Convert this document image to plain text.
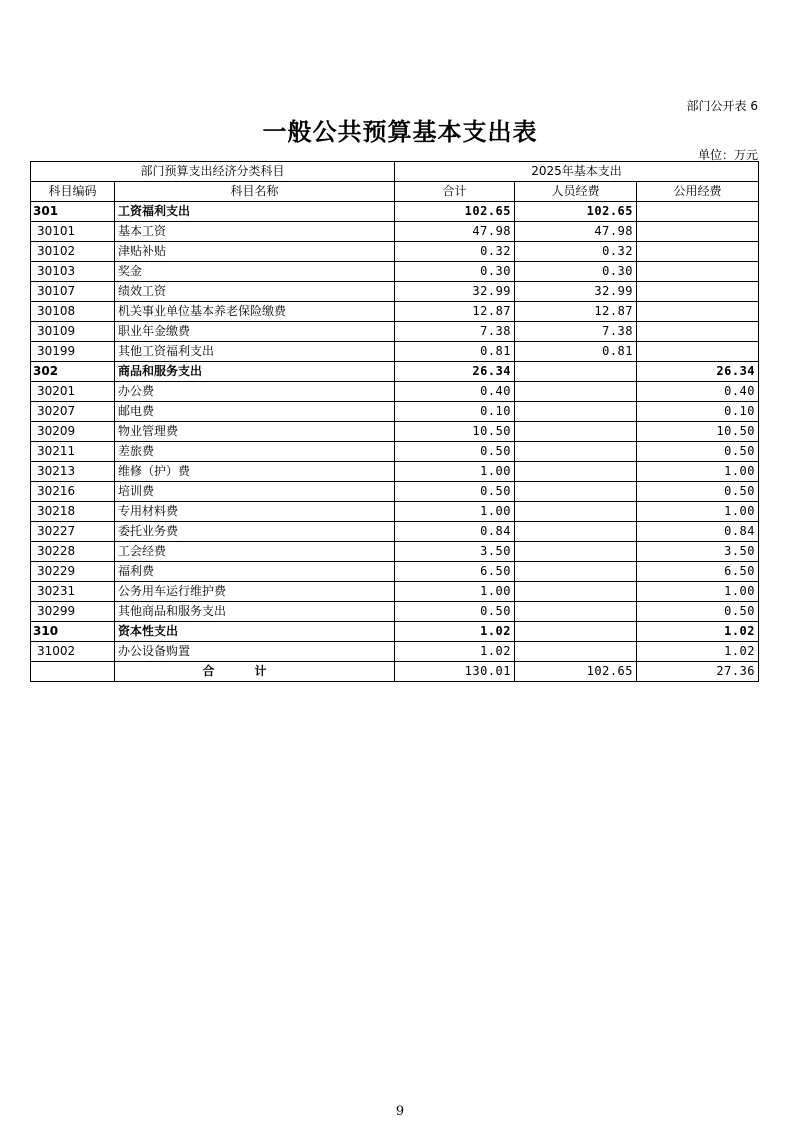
部门公开表 6
一般公共预算基本支出表
单位：万元
部门预算支出经济分类科目		2025年基本支出		
科目编码	科目名称	合计	人员经费	公用经费
301	工资福利支出	102.65	102.65	
30101	基本工资	47.98	47.98	
30102	津贴补贴	0.32	0.32	
30103	奖金	0.30	0.30	
30107	绩效工资	32.99	32.99	
30108	机关事业单位基本养老保险缴费	12.87	12.87	
30109	职业年金缴费	7.38	7.38	
30199	其他工资福利支出	0.81	0.81	
302	商品和服务支出	26.34		26.34
30201	办公费	0.40		0.40
30207	邮电费	0.10		0.10
30209	物业管理费	10.50		10.50
30211	差旅费	0.50		0.50
30213	维修（护）费	1.00		1.00
30216	培训费	0.50		0.50
30218	专用材料费	1.00		1.00
30227	委托业务费	0.84		0.84
30228	工会经费	3.50		3.50
30229	福利费	6.50		6.50
30231	公务用车运行维护费	1.00		1.00
30299	其他商品和服务支出	0.50		0.50
310	资本性支出	1.02		1.02
31002	办公设备购置	1.02		1.02
	合计	130.01	102.65	27.36
9
